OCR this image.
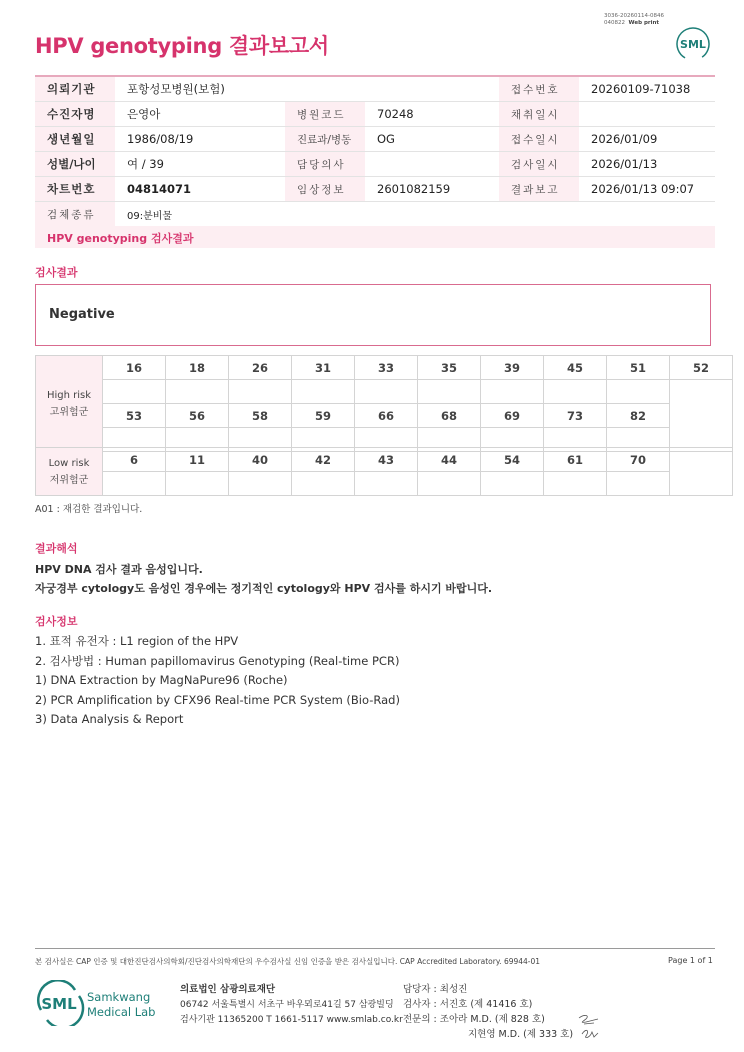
HPV genotyping 결과보고서
3036-20260114-0846
040822 Web print
SML
의뢰기관	포항성모병원(보험)			접수번호	20260109-71038
수진자명	은영아	병원코드	70248	채취일시	
생년월일	1986/08/19	진료과/병동	OG	접수일시	2026/01/09
성별/나이	여 / 39	담당의사		검사일시	2026/01/13
차트번호	04814071	임상정보	2601082159	결과보고	2026/01/13 09:07
검체종류	09:분비물				
HPV genotyping 검사결과
검사결과
Negative
High risk
고위험군	16	18	26	31	33	35	39	45	51	52

	53	56	58	59	66	68	69	73	82	

Low risk
저위험군	6	11	40	42	43	44	54	61	70	

A01 : 재검한 결과입니다.
결과해석
HPV DNA 검사 결과 음성입니다.
자궁경부 cytology도 음성인 경우에는 정기적인 cytology와 HPV 검사를 하시기 바랍니다.
검사정보
1. 표적 유전자 : L1 region of the HPV
2. 검사방법 : Human papillomavirus Genotyping (Real-time PCR)
1) DNA Extraction by MagNaPure96 (Roche)
2) PCR Amplification by CFX96 Real-time PCR System (Bio-Rad)
3) Data Analysis & Report
본 검사실은 CAP 인증 및 대한진단검사의학회/진단검사의학재단의 우수검사실 신임 인증을 받은 검사실입니다. CAP Accredited Laboratory. 69944-01	Page 1 of 1
SML Samkwang
Medical Lab
의료법인 삼광의료재단
06742 서울특별시 서초구 바우뫼로41길 57 삼광빌딩
검사기관 11365200 T 1661-5117 www.smlab.co.kr
담당자 : 최성진
검사자 : 서진호 (제 41416 호)
전문의 : 조아라 M.D. (제 828 호)
지현영 M.D. (제 333 호)
